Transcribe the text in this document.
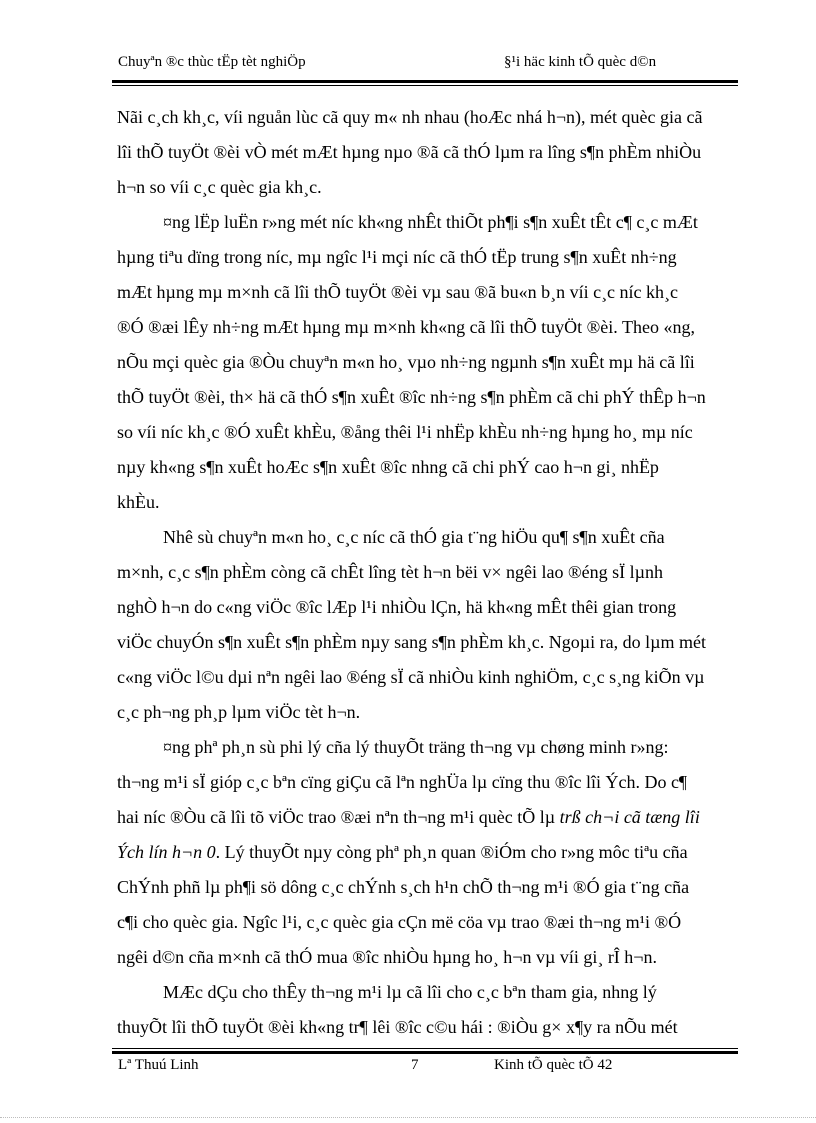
Chuyªn ®c thùc tËp tèt nghiÖp	§¹i häc kinh tÕ quèc d©n
Nãi c¸ch kh¸c, víi nguån lùc cã quy m« nh nhau (hoÆc nhá h¬n), mét quèc gia cã
lîi thÕ tuyÖt ®èi vÒ mét mÆt hµng nµo ®ã cã thÓ lµm ra lîng s¶n phÈm nhiÒu
h¬n so víi c¸c quèc gia kh¸c.
¤ng lËp luËn r»ng mét níc kh«ng nhÊt thiÕt ph¶i s¶n xuÊt tÊt c¶ c¸c mÆt
hµng tiªu dïng trong níc, mµ ngîc l¹i mçi níc cã thÓ tËp trung s¶n xuÊt nh÷ng
mÆt hµng mµ m×nh cã lîi thÕ tuyÖt ®èi vµ sau ®ã bu«n b¸n víi c¸c níc kh¸c
®Ó ®æi lÊy nh÷ng mÆt hµng mµ m×nh kh«ng cã lîi thÕ tuyÖt ®èi. Theo «ng,
nÕu mçi quèc gia ®Òu chuyªn m«n ho¸ vµo nh÷ng ngµnh s¶n xuÊt mµ hä cã lîi
thÕ tuyÖt ®èi, th× hä cã thÓ s¶n xuÊt ®îc nh÷ng s¶n phÈm cã chi phÝ thÊp h¬n
so víi níc kh¸c ®Ó xuÊt khÈu, ®ång thêi l¹i nhËp khÈu nh÷ng hµng ho¸ mµ níc
nµy kh«ng s¶n xuÊt hoÆc s¶n xuÊt ®îc nhng cã chi phÝ cao h¬n gi¸ nhËp
khÈu.
Nhê sù chuyªn m«n ho¸ c¸c níc cã thÓ gia t¨ng hiÖu qu¶ s¶n xuÊt cña
m×nh, c¸c s¶n phÈm còng cã chÊt lîng tèt h¬n bëi v× ngêi lao ®éng sÏ lµnh
nghÒ h¬n do c«ng viÖc ®îc lÆp l¹i nhiÒu lÇn, hä kh«ng mÊt thêi gian trong
viÖc chuyÓn s¶n xuÊt s¶n phÈm nµy sang s¶n phÈm kh¸c. Ngoµi ra, do lµm mét
c«ng viÖc l©u dµi nªn ngêi lao ®éng sÏ cã nhiÒu kinh nghiÖm, c¸c s¸ng kiÕn vµ
c¸c ph¬ng ph¸p lµm viÖc tèt h¬n.
¤ng phª ph¸n sù phi lý cña lý thuyÕt träng th¬ng vµ chøng minh r»ng:
th¬ng m¹i sÏ gióp c¸c bªn cïng giÇu cã lªn nghÜa lµ cïng thu ®îc lîi Ých. Do c¶
hai níc ®Òu cã lîi tõ viÖc trao ®æi nªn th¬ng m¹i quèc tÕ lµ trß ch¬i cã tæng lîi
Ých lín h¬n 0. Lý thuyÕt nµy còng phª ph¸n quan ®iÓm cho r»ng môc tiªu cña
ChÝnh phñ lµ ph¶i sö dông c¸c chÝnh s¸ch h¹n chÕ th¬ng m¹i ®Ó gia t¨ng cña
c¶i cho quèc gia. Ngîc l¹i, c¸c quèc gia cÇn më cöa vµ trao ®æi th¬ng m¹i ®Ó
ngêi d©n cña m×nh cã thÓ mua ®îc nhiÒu hµng ho¸ h¬n vµ víi gi¸ rÎ h¬n.
MÆc dÇu cho thÊy th¬ng m¹i lµ cã lîi cho c¸c bªn tham gia, nhng lý
thuyÕt lîi thÕ tuyÖt ®èi kh«ng tr¶ lêi ®îc c©u hái : ®iÒu g× x¶y ra nÕu mét
Lª Thuú Linh	7	Kinh tÕ quèc tÕ 42
